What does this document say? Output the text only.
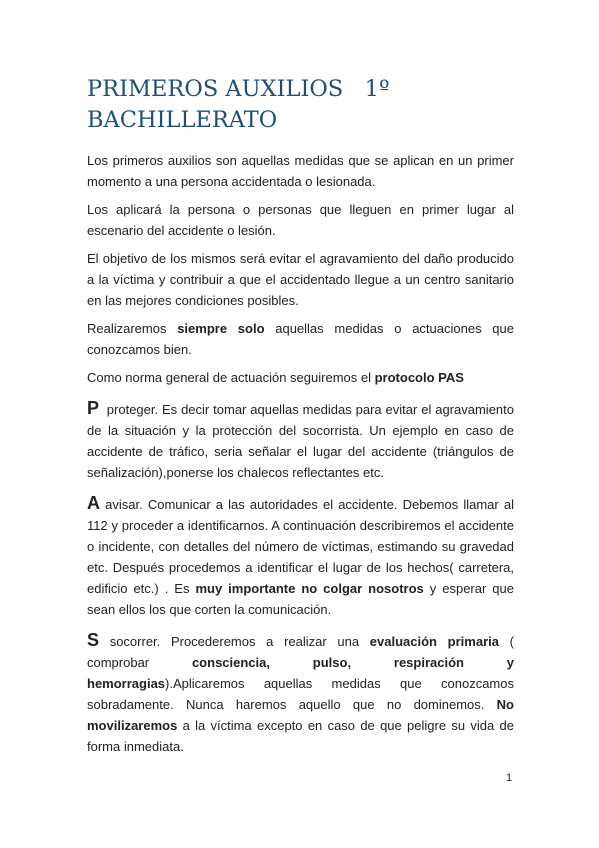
PRIMEROS AUXILIOS   1º
BACHILLERATO

Los primeros auxilios son aquellas medidas que se aplican en un primer momento a una persona accidentada o lesionada.

Los aplicará la persona o personas que lleguen en primer lugar al escenario del accidente o lesión.

El objetivo de los mismos será evitar el agravamiento del daño producido a la víctima y contribuir a que el accidentado llegue a un centro sanitario en las mejores condiciones posibles.

Realizaremos siempre solo aquellas medidas o actuaciones que conozcamos bien.

Como norma general de actuación seguiremos el protocolo PAS

P  proteger. Es decir tomar aquellas medidas para evitar el agravamiento de la situación y la protección del socorrista. Un ejemplo en caso de accidente de tráfico, seria señalar el lugar del accidente (triángulos de señalización),ponerse los chalecos reflectantes etc.

A avisar. Comunicar a las autoridades el accidente. Debemos llamar al 112 y proceder a identificarnos. A continuación describiremos el accidente o incidente, con detalles del número de víctimas, estimando su gravedad etc. Después procedemos a identificar el lugar de los hechos( carretera, edificio etc.) . Es muy importante no colgar nosotros y esperar que sean ellos los que corten la comunicación.

S socorrer. Procederemos a realizar una evaluación primaria ( comprobar consciencia, pulso, respiración y hemorragias).Aplicaremos aquellas medidas que conozcamos sobradamente. Nunca haremos aquello que no dominemos. No movilizaremos a la víctima excepto en caso de que peligre su vida de forma inmediata.

1
